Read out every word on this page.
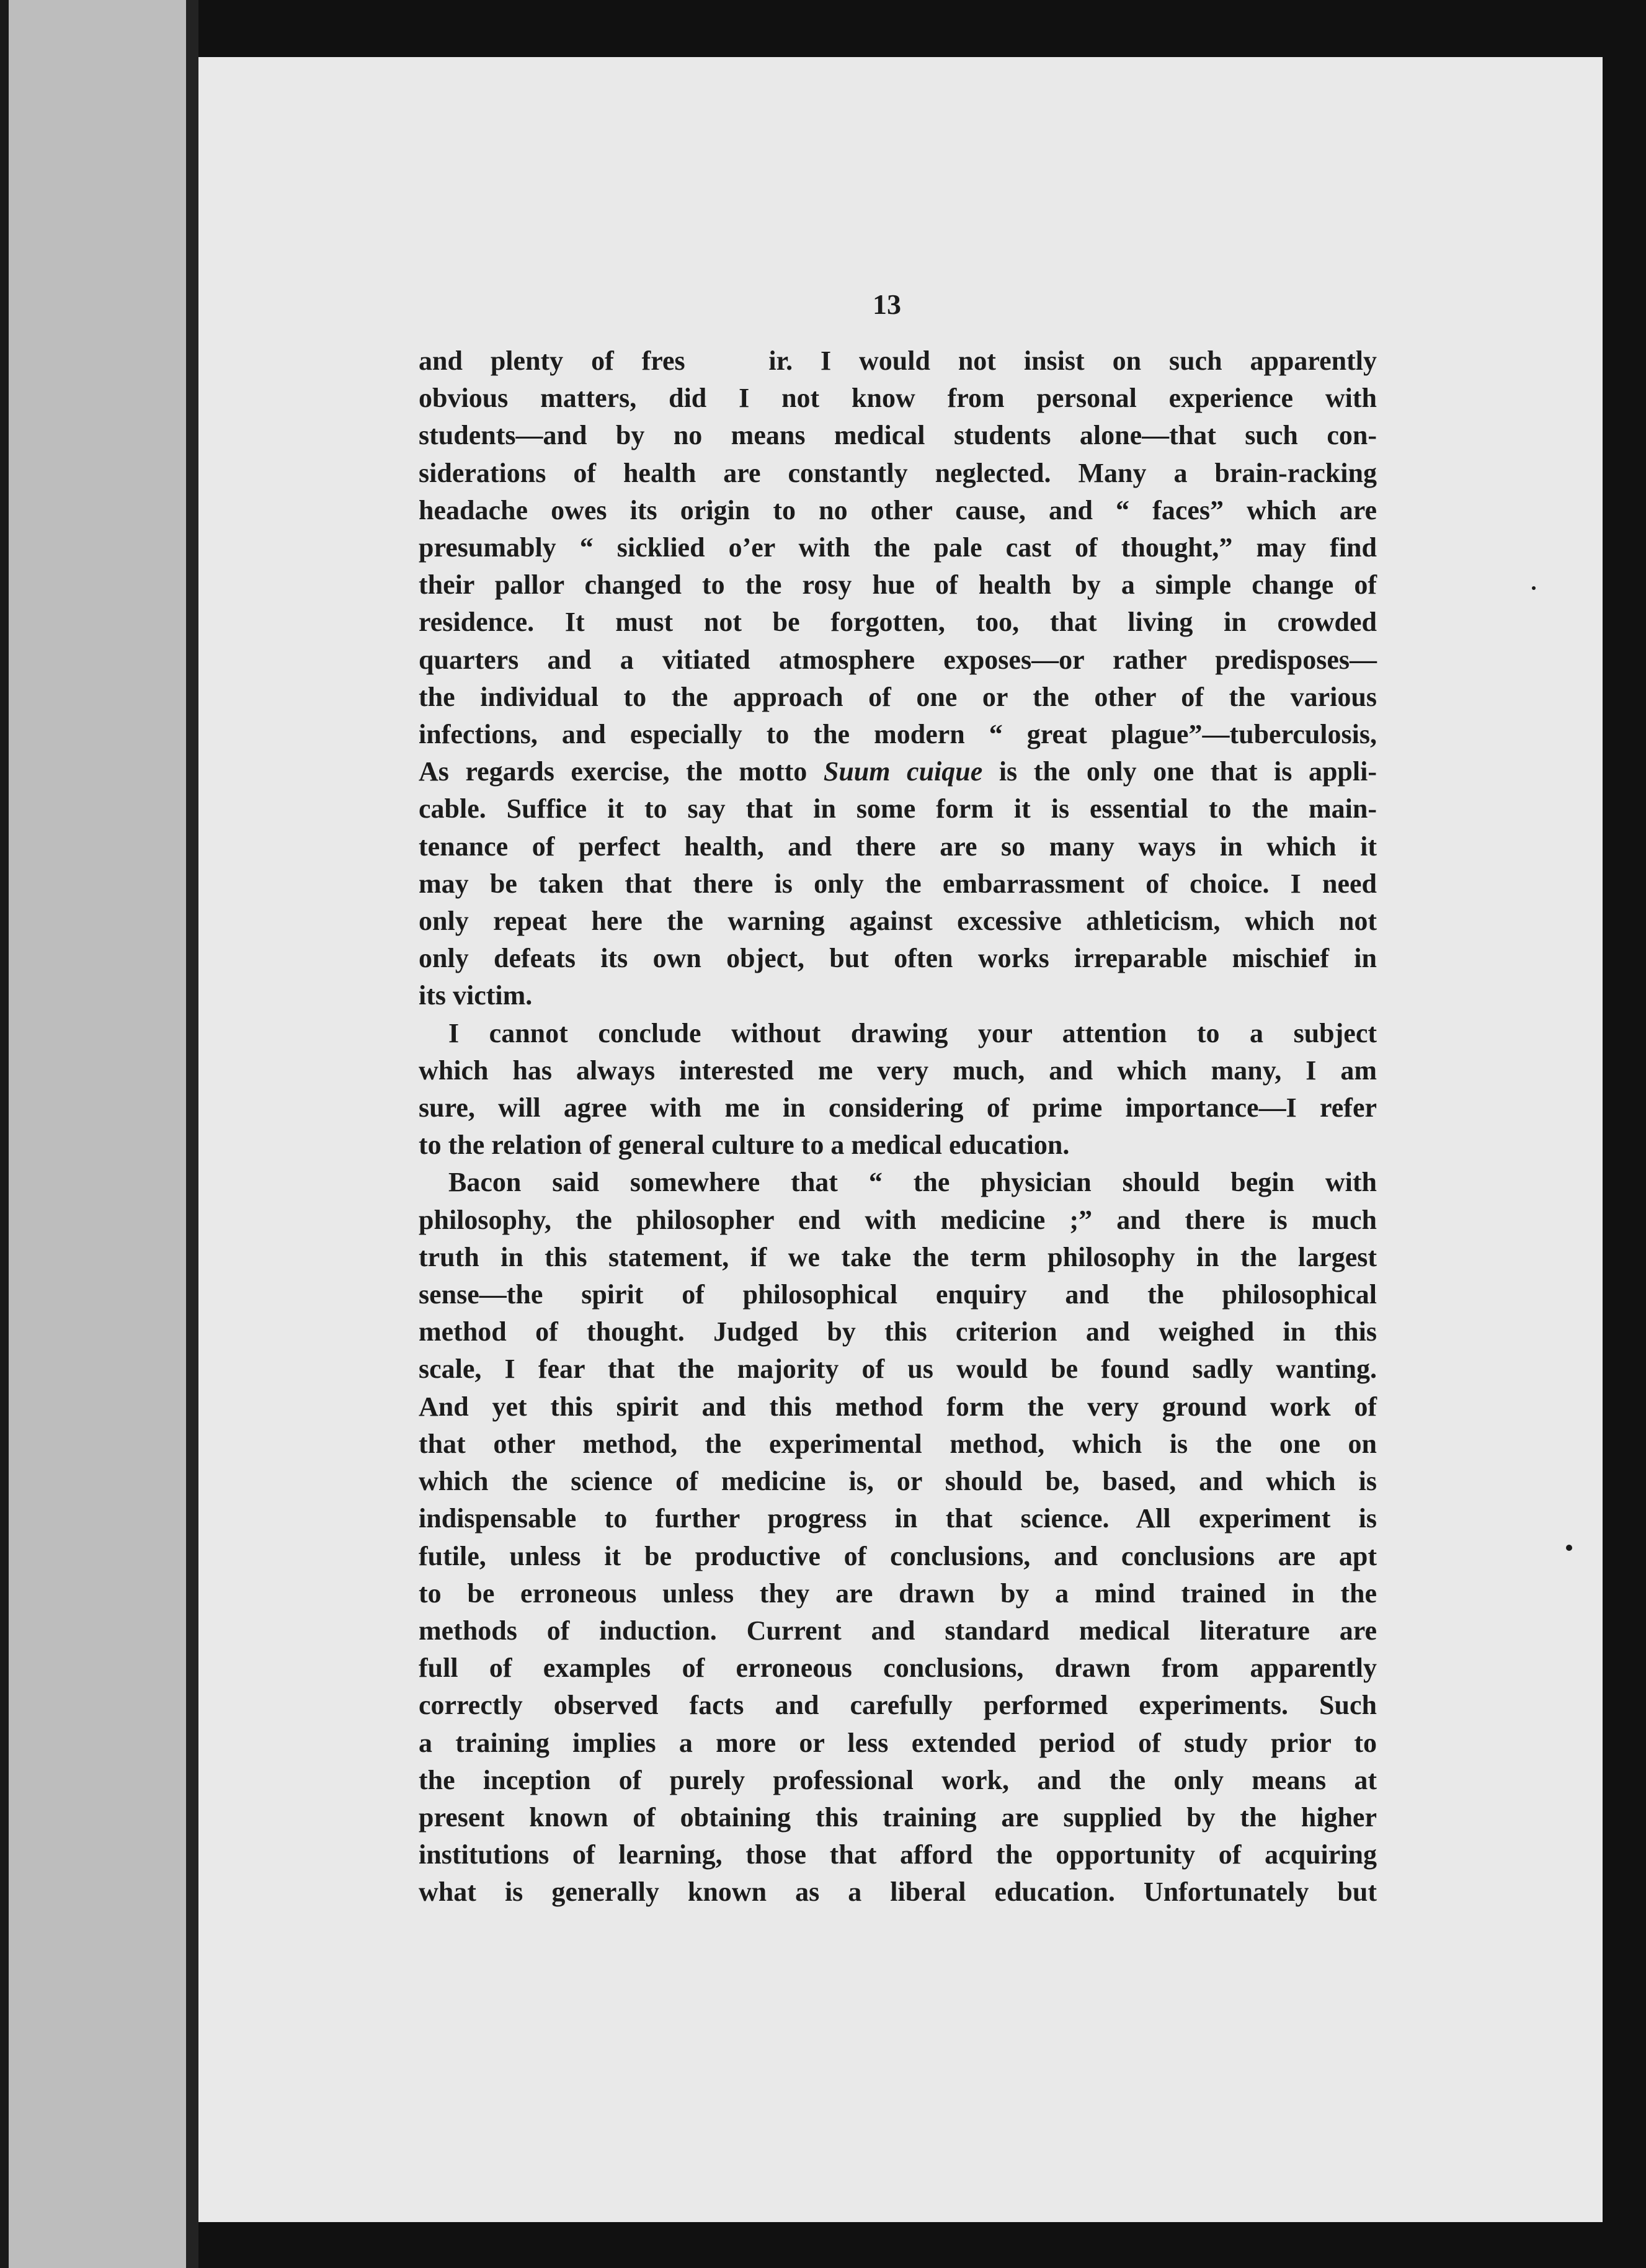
13

and plenty of fres   ir. I would not insist on such apparently
obvious matters, did I not know from personal experience with
students—and by no means medical students alone—that such con-
siderations of health are constantly neglected. Many a brain-racking
headache owes its origin to no other cause, and “ faces” which are
presumably “ sicklied o’er with the pale cast of thought,” may find
their pallor changed to the rosy hue of health by a simple change of
residence. It must not be forgotten, too, that living in crowded
quarters and a vitiated atmosphere exposes—or rather predisposes—
the individual to the approach of one or the other of the various
infections, and especially to the modern “ great plague”—tuberculosis,
As regards exercise, the motto Suum cuique is the only one that is appli-
cable. Suffice it to say that in some form it is essential to the main-
tenance of perfect health, and there are so many ways in which it
may be taken that there is only the embarrassment of choice. I need
only repeat here the warning against excessive athleticism, which not
only defeats its own object, but often works irreparable mischief in
its victim.

I cannot conclude without drawing your attention to a subject
which has always interested me very much, and which many, I am
sure, will agree with me in considering of prime importance—I refer
to the relation of general culture to a medical education.

Bacon said somewhere that “ the physician should begin with
philosophy, the philosopher end with medicine ;” and there is much
truth in this statement, if we take the term philosophy in the largest
sense—the spirit of philosophical enquiry and the philosophical
method of thought. Judged by this criterion and weighed in this
scale, I fear that the majority of us would be found sadly wanting.
And yet this spirit and this method form the very ground work of
that other method, the experimental method, which is the one on
which the science of medicine is, or should be, based, and which is
indispensable to further progress in that science. All experiment is
futile, unless it be productive of conclusions, and conclusions are apt
to be erroneous unless they are drawn by a mind trained in the
methods of induction. Current and standard medical literature are
full of examples of erroneous conclusions, drawn from apparently
correctly observed facts and carefully performed experiments. Such
a training implies a more or less extended period of study prior to
the inception of purely professional work, and the only means at
present known of obtaining this training are supplied by the higher
institutions of learning, those that afford the opportunity of acquiring
what is generally known as a liberal education. Unfortunately but
